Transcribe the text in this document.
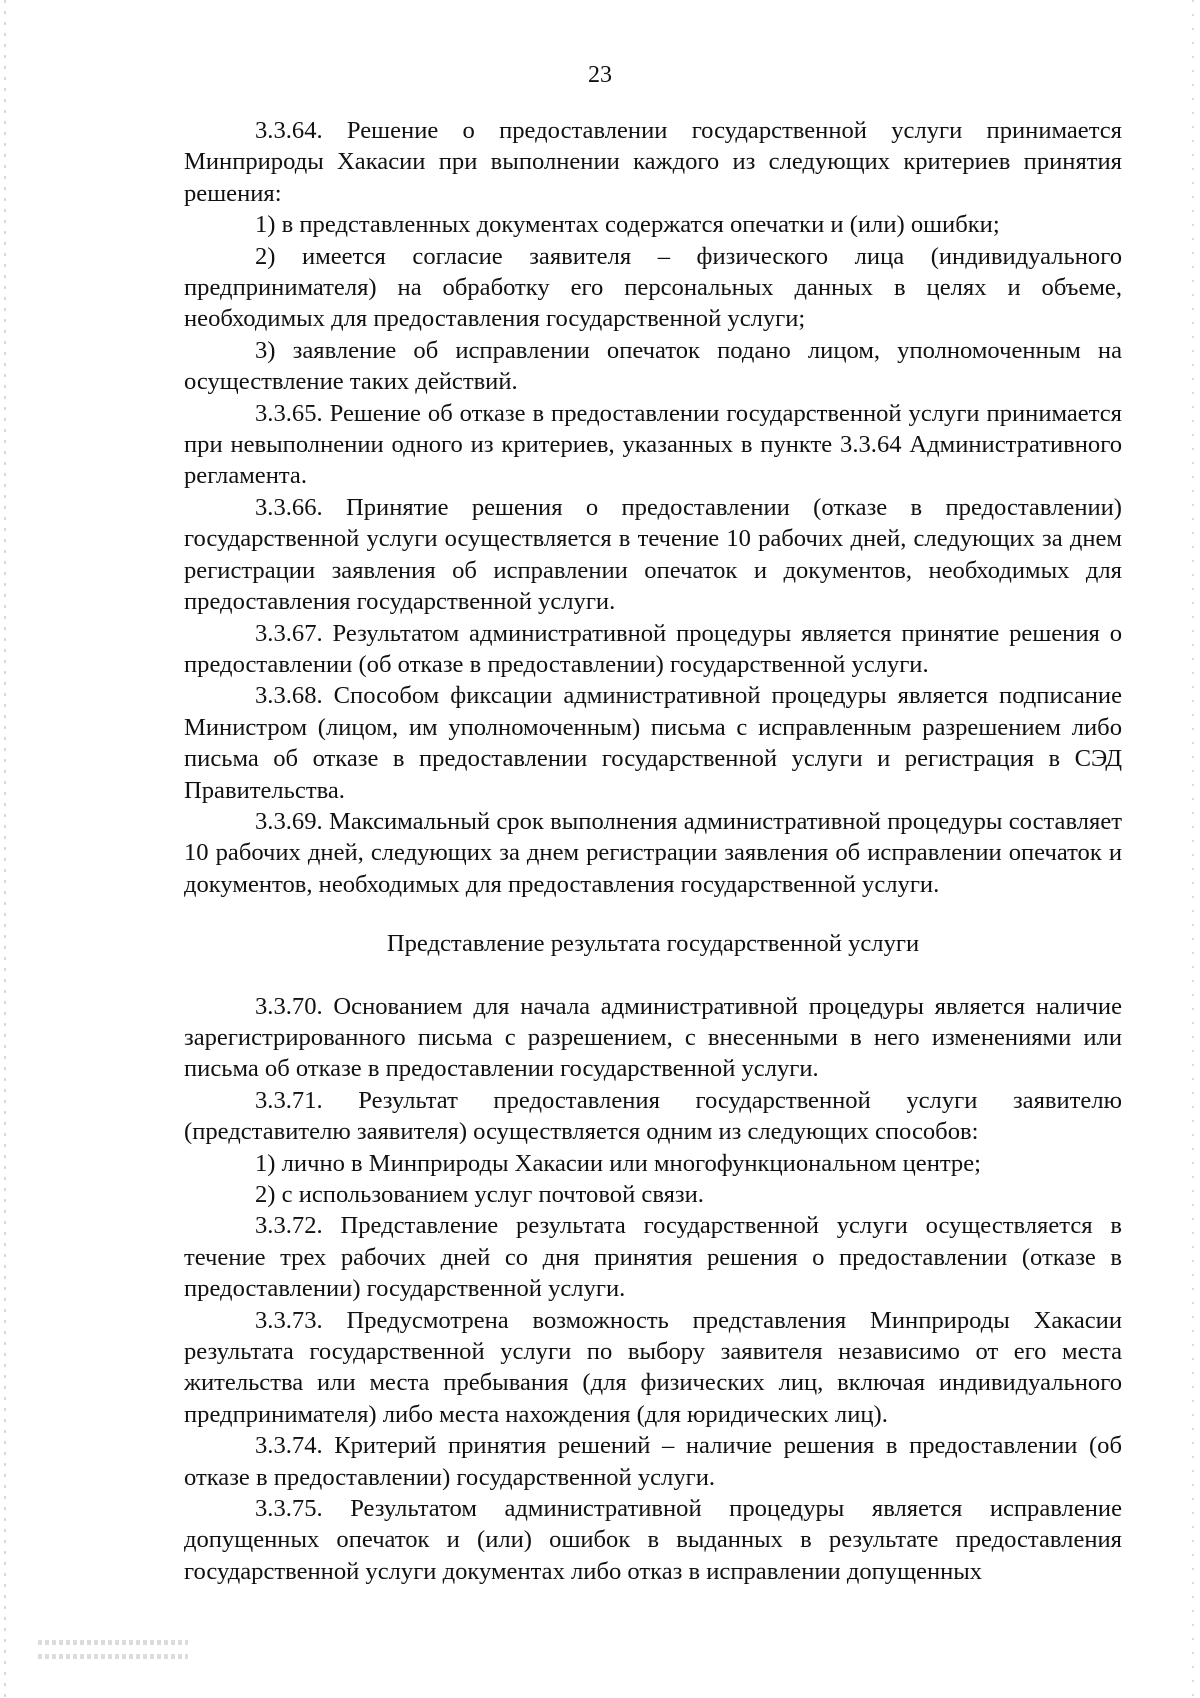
23

3.3.64. Решение о предоставлении государственной услуги принимается Минприроды Хакасии при выполнении каждого из следующих критериев принятия решения:

1) в представленных документах содержатся опечатки и (или) ошибки;

2) имеется согласие заявителя – физического лица (индивидуального предпринимателя) на обработку его персональных данных в целях и объеме, необходимых для предоставления государственной услуги;

3) заявление об исправлении опечаток подано лицом, уполномоченным на осуществление таких действий.

3.3.65. Решение об отказе в предоставлении государственной услуги принимается при невыполнении одного из критериев, указанных в пункте 3.3.64 Административного регламента.

3.3.66. Принятие решения о предоставлении (отказе в предоставлении) государственной услуги осуществляется в течение 10 рабочих дней, следующих за днем регистрации заявления об исправлении опечаток и документов, необходимых для предоставления государственной услуги.

3.3.67. Результатом административной процедуры является принятие решения о предоставлении (об отказе в предоставлении) государственной услуги.

3.3.68. Способом фиксации административной процедуры является подписание Министром (лицом, им уполномоченным) письма с исправленным разрешением либо письма об отказе в предоставлении государственной услуги и регистрация в СЭД Правительства.

3.3.69. Максимальный срок выполнения административной процедуры составляет 10 рабочих дней, следующих за днем регистрации заявления об исправлении опечаток и документов, необходимых для предоставления государственной услуги.

Представление результата государственной услуги

3.3.70. Основанием для начала административной процедуры является наличие зарегистрированного письма с разрешением, с внесенными в него изменениями или письма об отказе в предоставлении государственной услуги.

3.3.71. Результат предоставления государственной услуги заявителю (представителю заявителя) осуществляется одним из следующих способов:

1) лично в Минприроды Хакасии или многофункциональном центре;

2) с использованием услуг почтовой связи.

3.3.72. Представление результата государственной услуги осуществляется в течение трех рабочих дней со дня принятия решения о предоставлении (отказе в предоставлении) государственной услуги.

3.3.73. Предусмотрена возможность представления Минприроды Хакасии результата государственной услуги по выбору заявителя независимо от его места жительства или места пребывания (для физических лиц, включая индивидуального предпринимателя) либо места нахождения (для юридических лиц).

3.3.74. Критерий принятия решений – наличие решения в предоставлении (об отказе в предоставлении) государственной услуги.

3.3.75. Результатом административной процедуры является исправление допущенных опечаток и (или) ошибок в выданных в результате предоставления государственной услуги документах либо отказ в исправлении допущенных
